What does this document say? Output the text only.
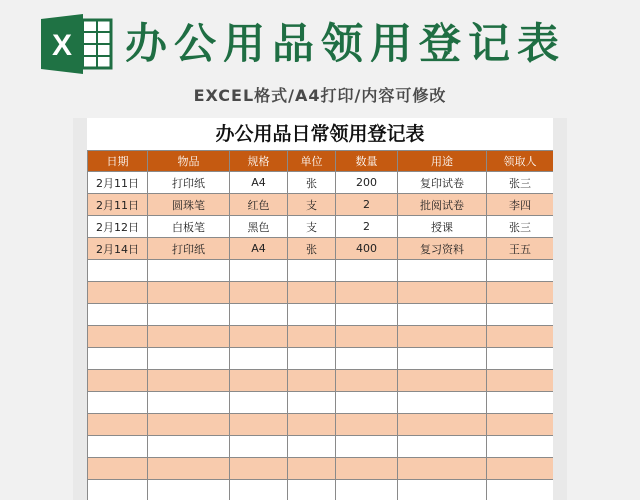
X 办公用品领用登记表
EXCEL格式/A4打印/内容可修改
办公用品日常领用登记表
日期	物品	规格	单位	数量	用途	领取人
2月11日	打印纸	A4	张	200	复印试卷	张三
2月11日	圆珠笔	红色	支	2	批阅试卷	李四
2月12日	白板笔	黑色	支	2	授课	张三
2月14日	打印纸	A4	张	400	复习资料	王五
